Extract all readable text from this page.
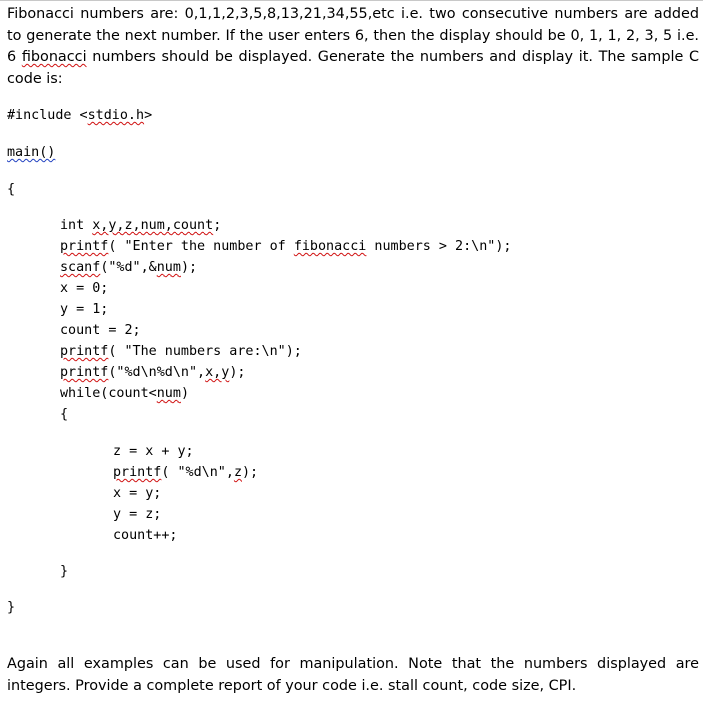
Fibonacci numbers are: 0,1,1,2,3,5,8,13,21,34,55,etc i.e. two consecutive numbers are added to generate the next number. If the user enters 6, then the display should be 0, 1, 1, 2, 3, 5 i.e. 6 fibonacci numbers should be displayed. Generate the numbers and display it. The sample C code is:

#include <stdio.h>
main()
{
int x,y,z,num,count;
printf( "Enter the number of fibonacci numbers > 2:\n");
scanf("%d",&num);
x = 0;
y = 1;
count = 2;
printf( "The numbers are:\n");
printf("%d\n%d\n",x,y);
while(count<num)
{
z = x + y;
printf( "%d\n",z);
x = y;
y = z;
count++;
}
}

Again all examples can be used for manipulation. Note that the numbers displayed are integers. Provide a complete report of your code i.e. stall count, code size, CPI.
